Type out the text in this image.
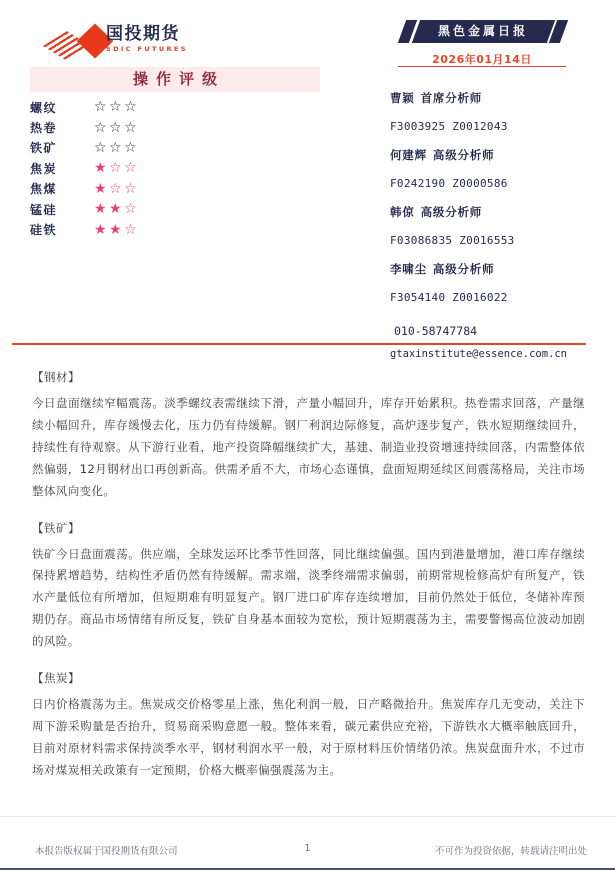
国投期货
SDIC FUTURES
黑色金属日报
2026年01月14日
操作评级
螺纹	☆☆☆
热卷	☆☆☆
铁矿	☆☆☆
焦炭	★☆☆
焦煤	★☆☆
锰硅	★★☆
硅铁	★★☆
曹颖 首席分析师
F3003925 Z0012043
何建辉 高级分析师
F0242190 Z0000586
韩倞 高级分析师
F03086835 Z0016553
李啸尘 高级分析师
F3054140 Z0016022
010-58747784
gtaxinstitute@essence.com.cn
【钢材】

今日盘面继续窄幅震荡。淡季螺纹表需继续下滑，产量小幅回升，库存开始累积。热卷需求回落，产量继续小幅回升，库存缓慢去化，压力仍有待缓解。钢厂利润边际修复，高炉逐步复产，铁水短期继续回升，持续性有待观察。从下游行业看，地产投资降幅继续扩大，基建、制造业投资增速持续回落，内需整体依然偏弱，12月钢材出口再创新高。供需矛盾不大，市场心态谨慎，盘面短期延续区间震荡格局，关注市场整体风向变化。

【铁矿】

铁矿今日盘面震荡。供应端，全球发运环比季节性回落，同比继续偏强。国内到港量增加，港口库存继续保持累增趋势，结构性矛盾仍然有待缓解。需求端，淡季终端需求偏弱，前期常规检修高炉有所复产，铁水产量低位有所增加，但短期难有明显复产。钢厂进口矿库存连续增加，目前仍然处于低位，冬储补库预期仍存。商品市场情绪有所反复，铁矿自身基本面较为宽松，预计短期震荡为主，需要警惕高位波动加剧的风险。

【焦炭】

日内价格震荡为主。焦炭成交价格零星上涨，焦化利润一般，日产略微抬升。焦炭库存几无变动，关注下周下游采购量是否抬升，贸易商采购意愿一般。整体来看，碳元素供应充裕，下游铁水大概率触底回升，目前对原材料需求保持淡季水平，钢材利润水平一般，对于原材料压价情绪仍浓。焦炭盘面升水，不过市场对煤炭相关政策有一定预期，价格大概率偏强震荡为主。

本报告版权属于国投期货有限公司	1	不可作为投资依据，转载请注明出处
